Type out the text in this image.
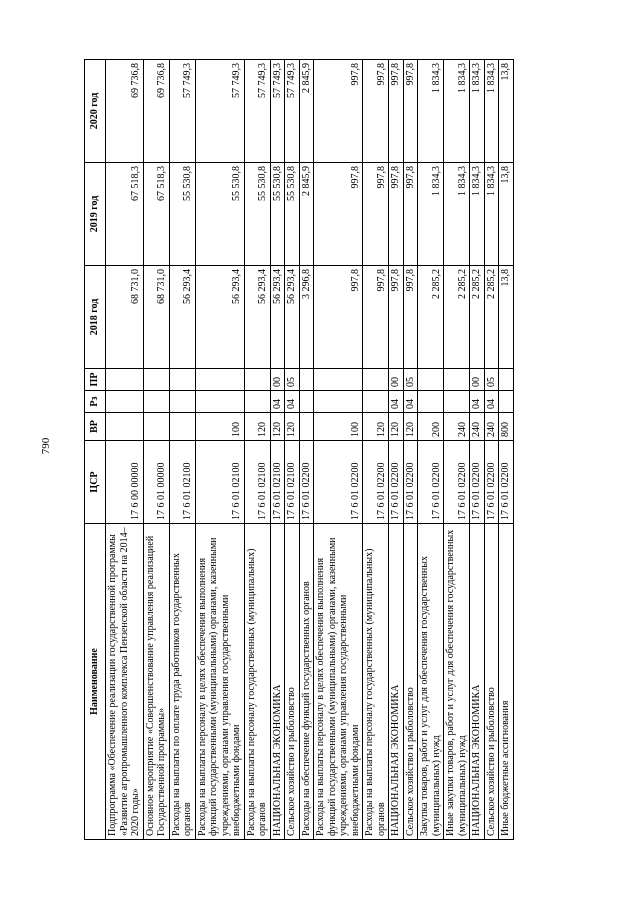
790
Наименование	ЦСР	ВР	Рз	ПР	2018 год	2019 год	2020 год
Подпрограмма «Обеспечение реализации государственной программы «Развитие агропромышленного комплекса Пензенской области на 2014–2020 годы»	17 6 00 00000				68 731,0	67 518,3	69 736,8
Основное мероприятие «Совершенствование управления реализацией Государственной программы»	17 6 01 00000				68 731,0	67 518,3	69 736,8
Расходы на выплаты по оплате труда работников государственных органов	17 6 01 02100				56 293,4	55 530,8	57 749,3
Расходы на выплаты персоналу в целях обеспечения выполнения функций государственными (муниципальными) органами, казенными учреждениями, органами управления государственными внебюджетными фондами	17 6 01 02100	100			56 293,4	55 530,8	57 749,3
Расходы на выплаты персоналу государственных (муниципальных) органов	17 6 01 02100	120			56 293,4	55 530,8	57 749,3
НАЦИОНАЛЬНАЯ ЭКОНОМИКА	17 6 01 02100	120	04	00	56 293,4	55 530,8	57 749,3
Сельское хозяйство и рыболовство	17 6 01 02100	120	04	05	56 293,4	55 530,8	57 749,3
Расходы на обеспечение функций государственных органов	17 6 01 02200				3 296,8	2 845,9	2 845,9
Расходы на выплаты персоналу в целях обеспечения выполнения функций государственными (муниципальными) органами, казенными учреждениями, органами управления государственными внебюджетными фондами	17 6 01 02200	100			997,8	997,8	997,8
Расходы на выплаты персоналу государственных (муниципальных) органов	17 6 01 02200	120			997,8	997,8	997,8
НАЦИОНАЛЬНАЯ ЭКОНОМИКА	17 6 01 02200	120	04	00	997,8	997,8	997,8
Сельское хозяйство и рыболовство	17 6 01 02200	120	04	05	997,8	997,8	997,8
Закупка товаров, работ и услуг для обеспечения государственных (муниципальных) нужд	17 6 01 02200	200			2 285,2	1 834,3	1 834,3
Иные закупки товаров, работ и услуг для обеспечения государственных (муниципальных) нужд	17 6 01 02200	240			2 285,2	1 834,3	1 834,3
НАЦИОНАЛЬНАЯ ЭКОНОМИКА	17 6 01 02200	240	04	00	2 285,2	1 834,3	1 834,3
Сельское хозяйство и рыболовство	17 6 01 02200	240	04	05	2 285,2	1 834,3	1 834,3
Иные бюджетные ассигнования	17 6 01 02200	800			13,8	13,8	13,8
